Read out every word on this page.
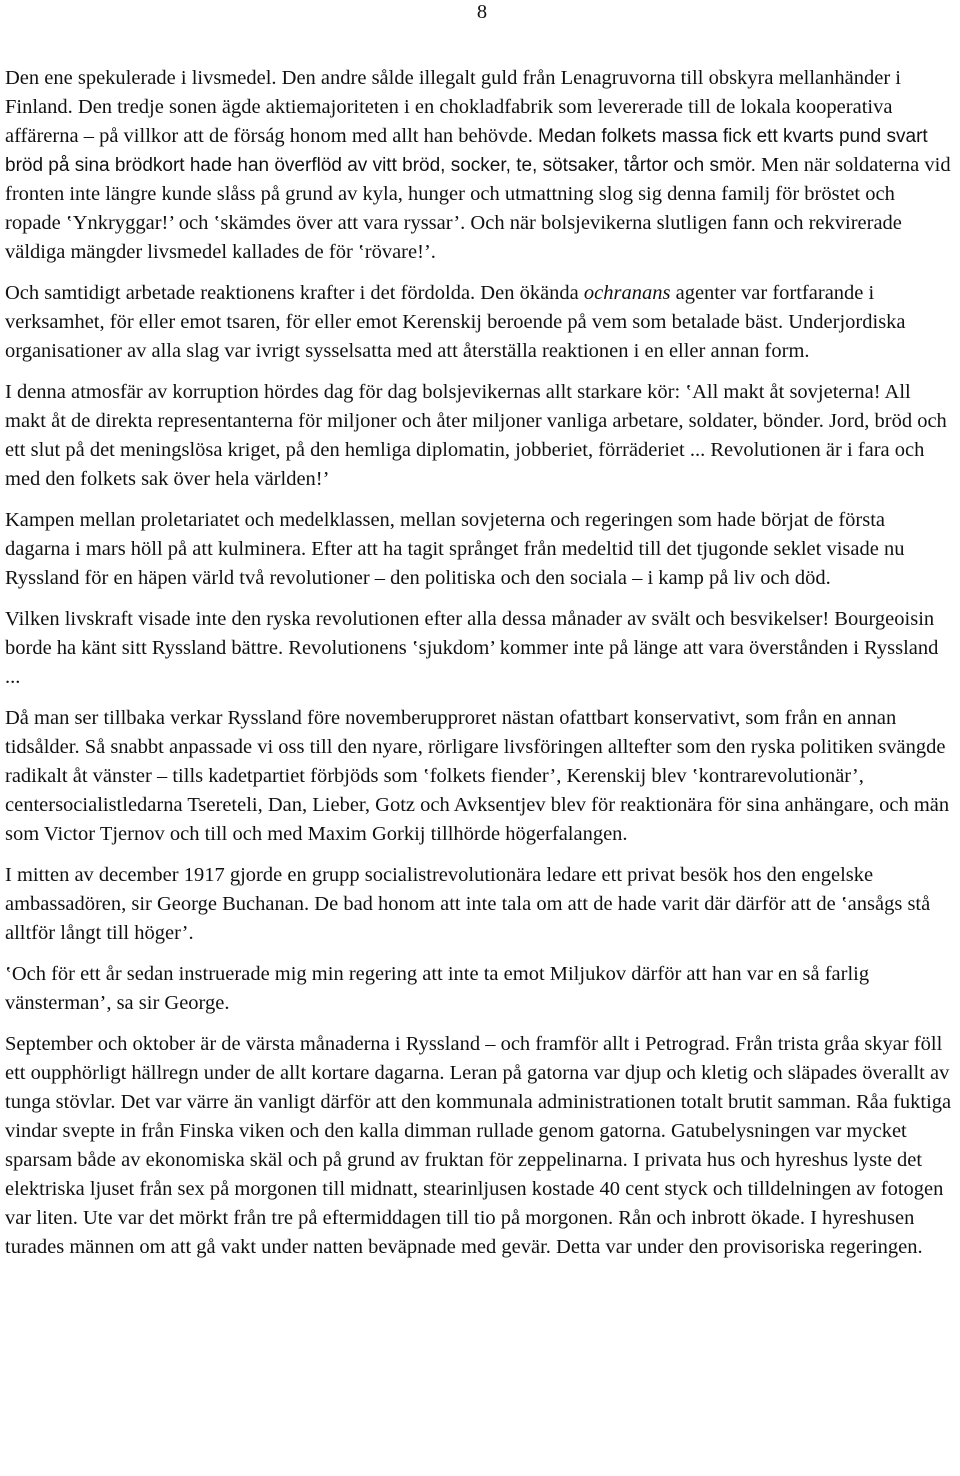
8

Den ene spekulerade i livsmedel. Den andre sålde illegalt guld från Lenagruvorna till obskyra mellanhänder i Finland. Den tredje sonen ägde aktiemajoriteten i en chokladfabrik som levererade till de lokala kooperativa affärerna – på villkor att de förság honom med allt han behövde. Medan folkets massa fick ett kvarts pund svart bröd på sina brödkort hade han överflöd av vitt bröd, socker, te, sötsaker, tårtor och smör. Men när soldaterna vid fronten inte längre kunde slåss på grund av kyla, hunger och utmattning slog sig denna familj för bröstet och ropade ‛Ynkryggar!’ och ‛skämdes över att vara ryssar’. Och när bolsjevikerna slutligen fann och rekvirerade väldiga mängder livsmedel kallades de för ‛rövare!’.

Och samtidigt arbetade reaktionens krafter i det fördolda. Den ökända ochranans agenter var fortfarande i verksamhet, för eller emot tsaren, för eller emot Kerenskij beroende på vem som betalade bäst. Underjordiska organisationer av alla slag var ivrigt sysselsatta med att återställa reaktionen i en eller annan form.

I denna atmosfär av korruption hördes dag för dag bolsjevikernas allt starkare kör: ‛All makt åt sovjeterna! All makt åt de direkta representanterna för miljoner och åter miljoner vanliga arbetare, soldater, bönder. Jord, bröd och ett slut på det meningslösa kriget, på den hemliga diplomatin, jobberiet, förräderiet ... Revolutionen är i fara och med den folkets sak över hela världen!’

Kampen mellan proletariatet och medelklassen, mellan sovjeterna och regeringen som hade börjat de första dagarna i mars höll på att kulminera. Efter att ha tagit språnget från medeltid till det tjugonde seklet visade nu Ryssland för en häpen värld två revolutioner – den politiska och den sociala – i kamp på liv och död.

Vilken livskraft visade inte den ryska revolutionen efter alla dessa månader av svält och besvikelser! Bourgeoisin borde ha känt sitt Ryssland bättre. Revolutionens ‛sjukdom’ kommer inte på länge att vara överstånden i Ryssland ...

Då man ser tillbaka verkar Ryssland före novemberupproret nästan ofattbart konservativt, som från en annan tidsålder. Så snabbt anpassade vi oss till den nyare, rörligare livsföringen alltefter som den ryska politiken svängde radikalt åt vänster – tills kadetpartiet förbjöds som ‛folkets fiender’, Kerenskij blev ‛kontrarevolutionär’, centersocialistledarna Tsereteli, Dan, Lieber, Gotz och Avksentjev blev för reaktionära för sina anhängare, och män som Victor Tjernov och till och med Maxim Gorkij tillhörde högerfalangen.

I mitten av december 1917 gjorde en grupp socialistrevolutionära ledare ett privat besök hos den engelske ambassadören, sir George Buchanan. De bad honom att inte tala om att de hade varit där därför att de ‛ansågs stå alltför långt till höger’.

‛Och för ett år sedan instruerade mig min regering att inte ta emot Miljukov därför att han var en så farlig vänsterman’, sa sir George.

September och oktober är de värsta månaderna i Ryssland – och framför allt i Petrograd. Från trista gråa skyar föll ett oupphörligt hällregn under de allt kortare dagarna. Leran på gatorna var djup och kletig och släpades överallt av tunga stövlar. Det var värre än vanligt därför att den kommunala administrationen totalt brutit samman. Råa fuktiga vindar svepte in från Finska viken och den kalla dimman rullade genom gatorna. Gatubelysningen var mycket sparsam både av ekonomiska skäl och på grund av fruktan för zeppelinarna. I privata hus och hyreshus lyste det elektriska ljuset från sex på morgonen till midnatt, stearinljusen kostade 40 cent styck och tilldelningen av fotogen var liten. Ute var det mörkt från tre på eftermiddagen till tio på morgonen. Rån och inbrott ökade. I hyreshusen turades männen om att gå vakt under natten beväpnade med gevär. Detta var under den provisoriska regeringen.
